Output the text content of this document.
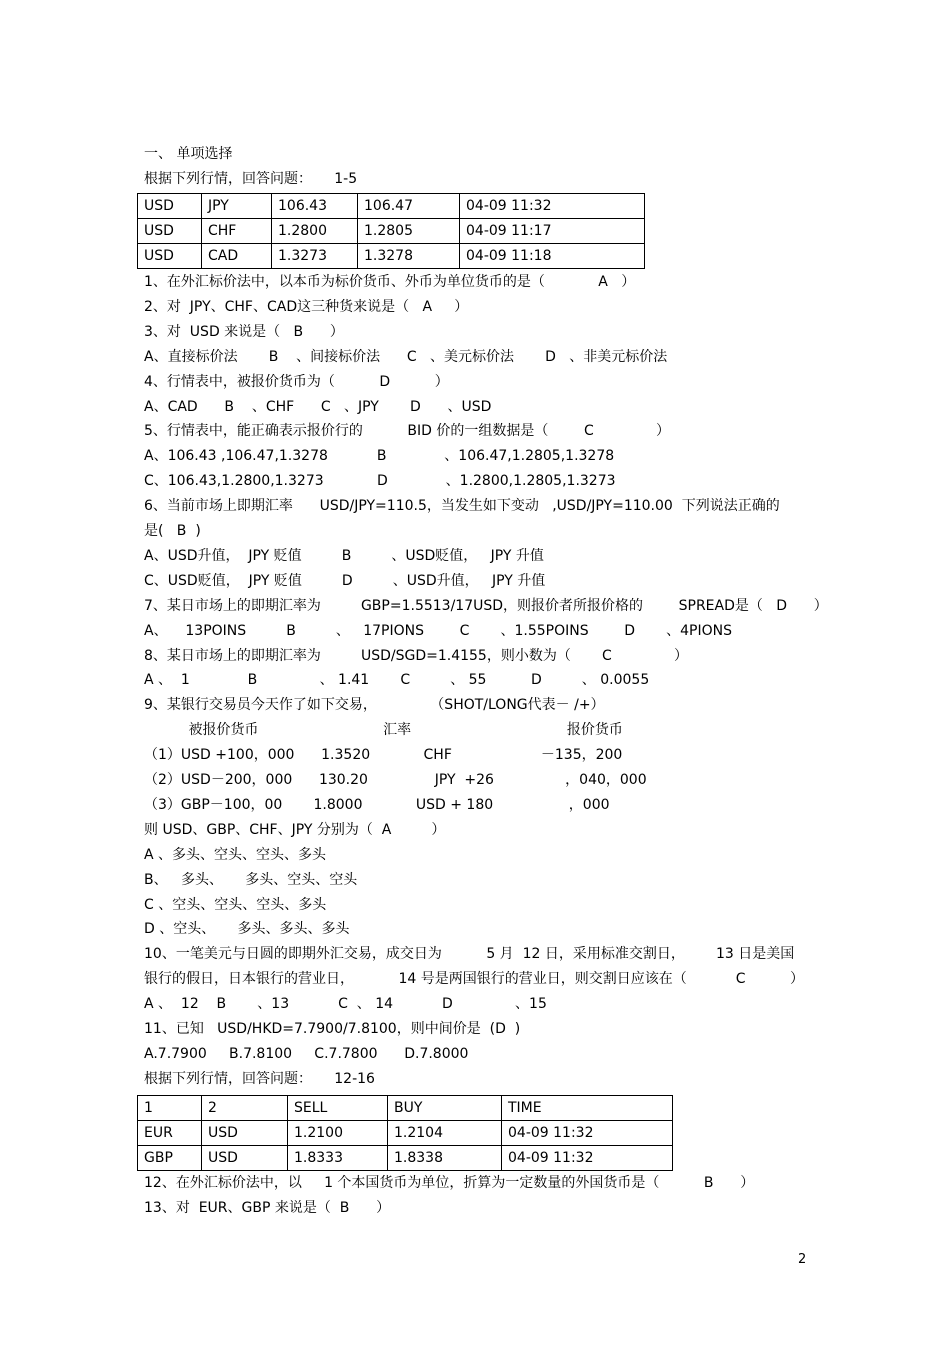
一、 单项选择
根据下列行情，回答问题：     1-5
USD	JPY	106.43	106.47	04-09 11:32
USD	CHF	1.2800	1.2805	04-09 11:17
USD	CAD	1.3273	1.3278	04-09 11:18
1、在外汇标价法中，以本币为标价货币、外币为单位货币的是（            A   ）
2、对  JPY、CHF、CAD这三种货来说是（   A     ）
3、对  USD 来说是（   B      ）
A、直接标价法       B    、间接标价法      C   、美元标价法       D   、非美元标价法
4、行情表中，被报价货币为（          D          ）
A、CAD      B    、CHF      C   、JPY       D      、USD
5、行情表中，能正确表示报价行的          BID 价的一组数据是（        C              ）
A、106.43 ,106.47,1.3278           B             、106.47,1.2805,1.3278
C、106.43,1.2800,1.3273            D             、1.2800,1.2805,1.3273
6、当前市场上即期汇率      USD/JPY=110.5，当发生如下变动   ,USD/JPY=110.00  下列说法正确的
是(   B  )
A、USD升值，  JPY 贬值         B         、USD贬值，   JPY 升值
C、USD贬值，  JPY 贬值         D         、USD升值，   JPY 升值
7、某日市场上的即期汇率为         GBP=1.5513/17USD，则报价者所报价格的        SPREAD是（   D      ）
A、    13POINS         B         、   17PIONS        C       、1.55POINS        D       、4PIONS
8、某日市场上的即期汇率为         USD/SGD=1.4155，则小数为（       C              ）
A 、  1             B              、 1.41       C         、 55          D         、 0.0055
9、某银行交易员今天作了如下交易，            （SHOT/LONG代表－ /+）
被报价货币                            汇率                                   报价货币
（1）USD +100，000      1.3520            CHF                    －135，200
（2）USD－200，000      130.20               JPY  +26                ，040，000
（3）GBP－100，00       1.8000            USD + 180                 ，000
则 USD、GBP、CHF、JPY 分别为（  A         ）
A 、多头、空头、空头、多头
B、   多头、     多头、空头、空头
C 、空头、空头、空头、多头
D 、空头、     多头、多头、多头
10、一笔美元与日圆的即期外汇交易，成交日为          5 月  12 日，采用标准交割日，       13 日是美国
银行的假日，日本银行的营业日，          14 号是两国银行的营业日，则交割日应该在（           C          ）
A 、  12    B       、13           C  、 14           D              、15
11、已知   USD/HKD=7.7900/7.8100，则中间价是  (D  )
A.7.7900     B.7.8100     C.7.7800      D.7.8000
根据下列行情，回答问题：     12-16
1	2	SELL	BUY	TIME
EUR	USD	1.2100	1.2104	04-09 11:32
GBP	USD	1.8333	1.8338	04-09 11:32
12、在外汇标价法中，以     1 个本国货币为单位，折算为一定数量的外国货币是（          B      ）
13、对  EUR、GBP 来说是（  B      ）
2
